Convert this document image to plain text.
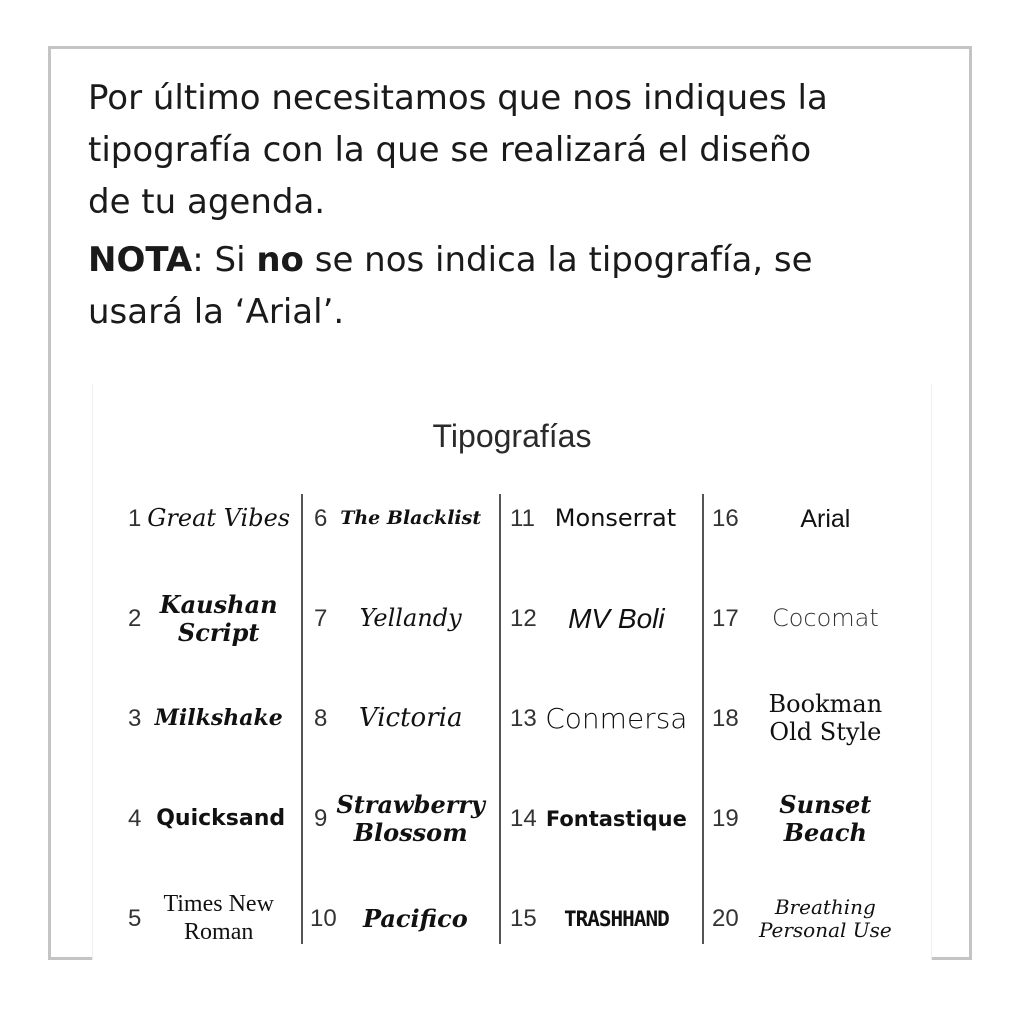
Por último necesitamos que nos indiques la
tipografía con la que se realizará el diseño
de tu agenda.
NOTA: Si no se nos indica la tipografía, se
usará la ‘Arial’.
Tipografías
1 Great Vibes
2 Kaushan
Script
3 Milkshake
4 Quicksand
5
Times New
Roman
6 The Blacklist
7	Yellandy
8	Victoria
9 Strawberry
Blossom
10	Pacifico
11 Monserrat
12	MV Boli
13 Conmersa
14 Fontastique
15	TRASHHAND
16	Arial
17	Cocomat
18
Bookman
Old Style
19	Sunset Beach
20	Breathing
Personal Use
